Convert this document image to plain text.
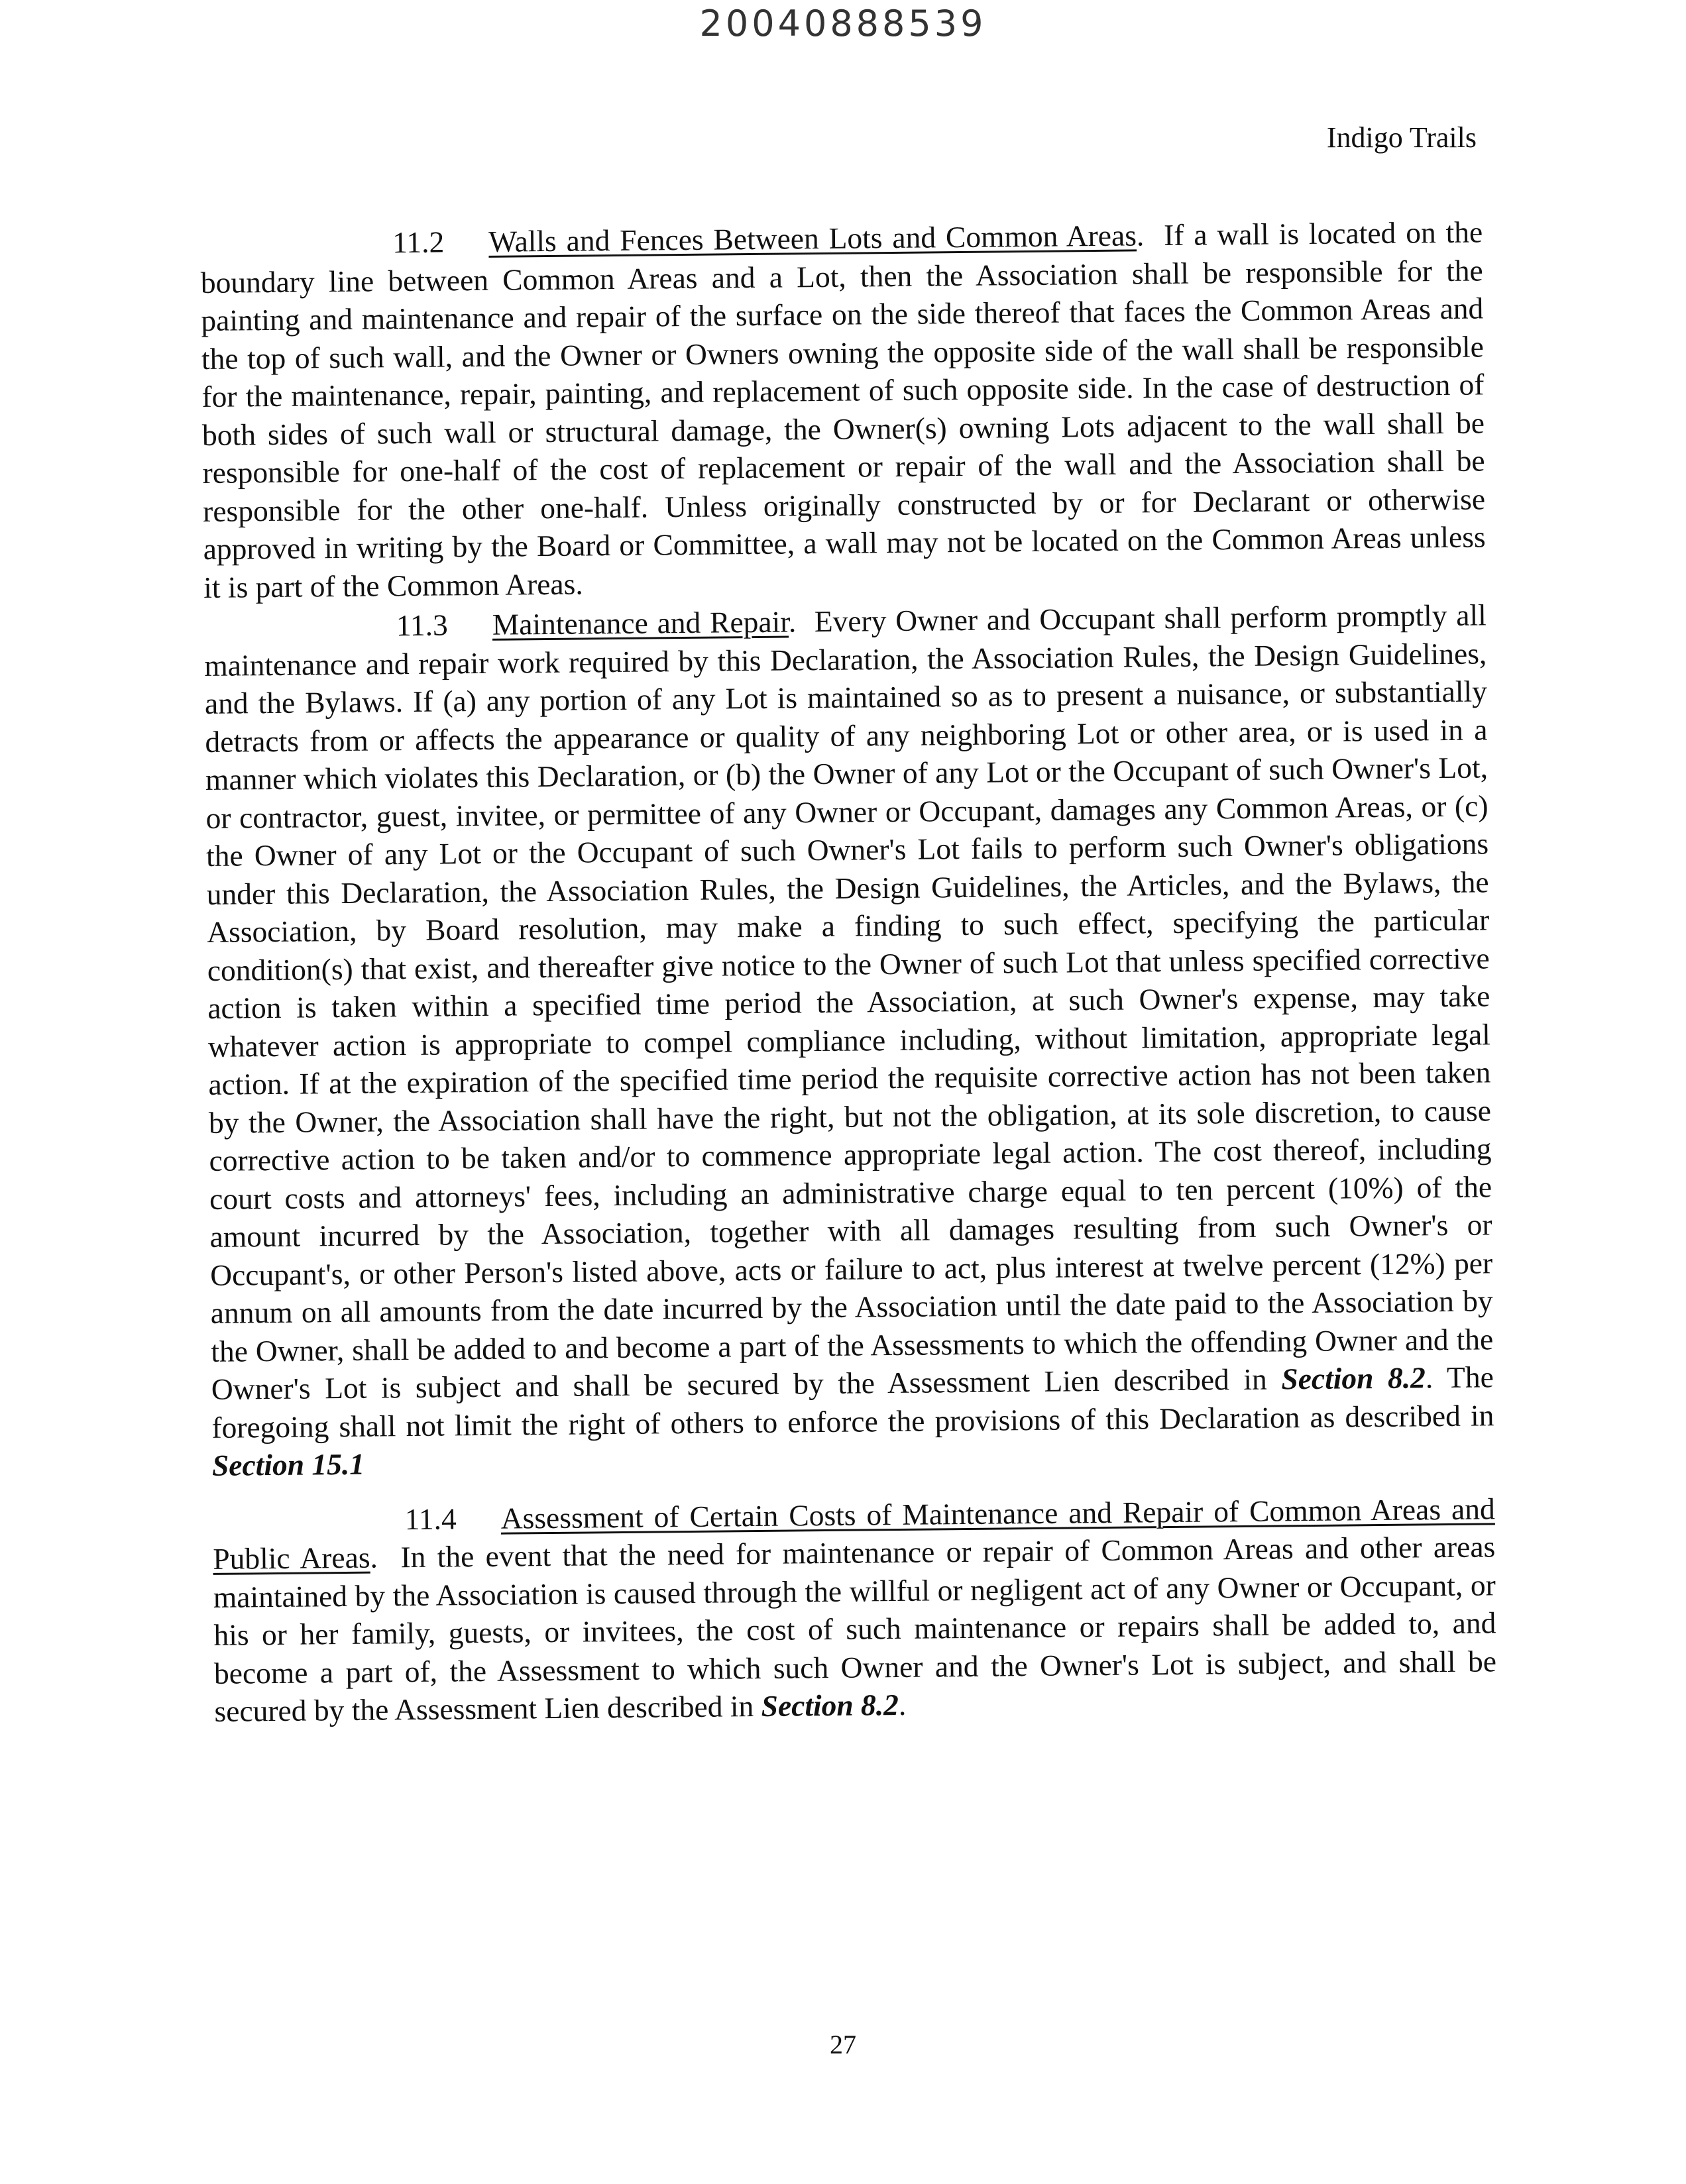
20040888539
Indigo Trails

11.2 Walls and Fences Between Lots and Common Areas.  If a wall is located on the boundary line between Common Areas and a Lot, then the Association shall be responsible for the painting and maintenance and repair of the surface on the side thereof that faces the Common Areas and the top of such wall, and the Owner or Owners owning the opposite side of the wall shall be responsible for the maintenance, repair, painting, and replacement of such opposite side. In the case of destruction of both sides of such wall or structural damage, the Owner(s) owning Lots adjacent to the wall shall be responsible for one-half of the cost of replacement or repair of the wall and the Association shall be responsible for the other one-half. Unless originally constructed by or for Declarant or otherwise approved in writing by the Board or Committee, a wall may not be located on the Common Areas unless it is part of the Common Areas.

11.3 Maintenance and Repair.  Every Owner and Occupant shall perform promptly all maintenance and repair work required by this Declaration, the Association Rules, the Design Guidelines, and the Bylaws. If (a) any portion of any Lot is maintained so as to present a nuisance, or substantially detracts from or affects the appearance or quality of any neighboring Lot or other area, or is used in a manner which violates this Declaration, or (b) the Owner of any Lot or the Occupant of such Owner's Lot, or contractor, guest, invitee, or permittee of any Owner or Occupant, damages any Common Areas, or (c) the Owner of any Lot or the Occupant of such Owner's Lot fails to perform such Owner's obligations under this Declaration, the Association Rules, the Design Guidelines, the Articles, and the Bylaws, the Association, by Board resolution, may make a finding to such effect, specifying the particular condition(s) that exist, and thereafter give notice to the Owner of such Lot that unless specified corrective action is taken within a specified time period the Association, at such Owner's expense, may take whatever action is appropriate to compel compliance including, without limitation, appropriate legal action. If at the expiration of the specified time period the requisite corrective action has not been taken by the Owner, the Association shall have the right, but not the obligation, at its sole discretion, to cause corrective action to be taken and/or to commence appropriate legal action. The cost thereof, including court costs and attorneys' fees, including an administrative charge equal to ten percent (10%) of the amount incurred by the Association, together with all damages resulting from such Owner's or Occupant's, or other Person's listed above, acts or failure to act, plus interest at twelve percent (12%) per annum on all amounts from the date incurred by the Association until the date paid to the Association by the Owner, shall be added to and become a part of the Assessments to which the offending Owner and the Owner's Lot is subject and shall be secured by the Assessment Lien described in Section 8.2. The foregoing shall not limit the right of others to enforce the provisions of this Declaration as described in Section 15.1

11.4 Assessment of Certain Costs of Maintenance and Repair of Common Areas and Public Areas.  In the event that the need for maintenance or repair of Common Areas and other areas maintained by the Association is caused through the willful or negligent act of any Owner or Occupant, or his or her family, guests, or invitees, the cost of such maintenance or repairs shall be added to, and become a part of, the Assessment to which such Owner and the Owner's Lot is subject, and shall be secured by the Assessment Lien described in Section 8.2.

27
